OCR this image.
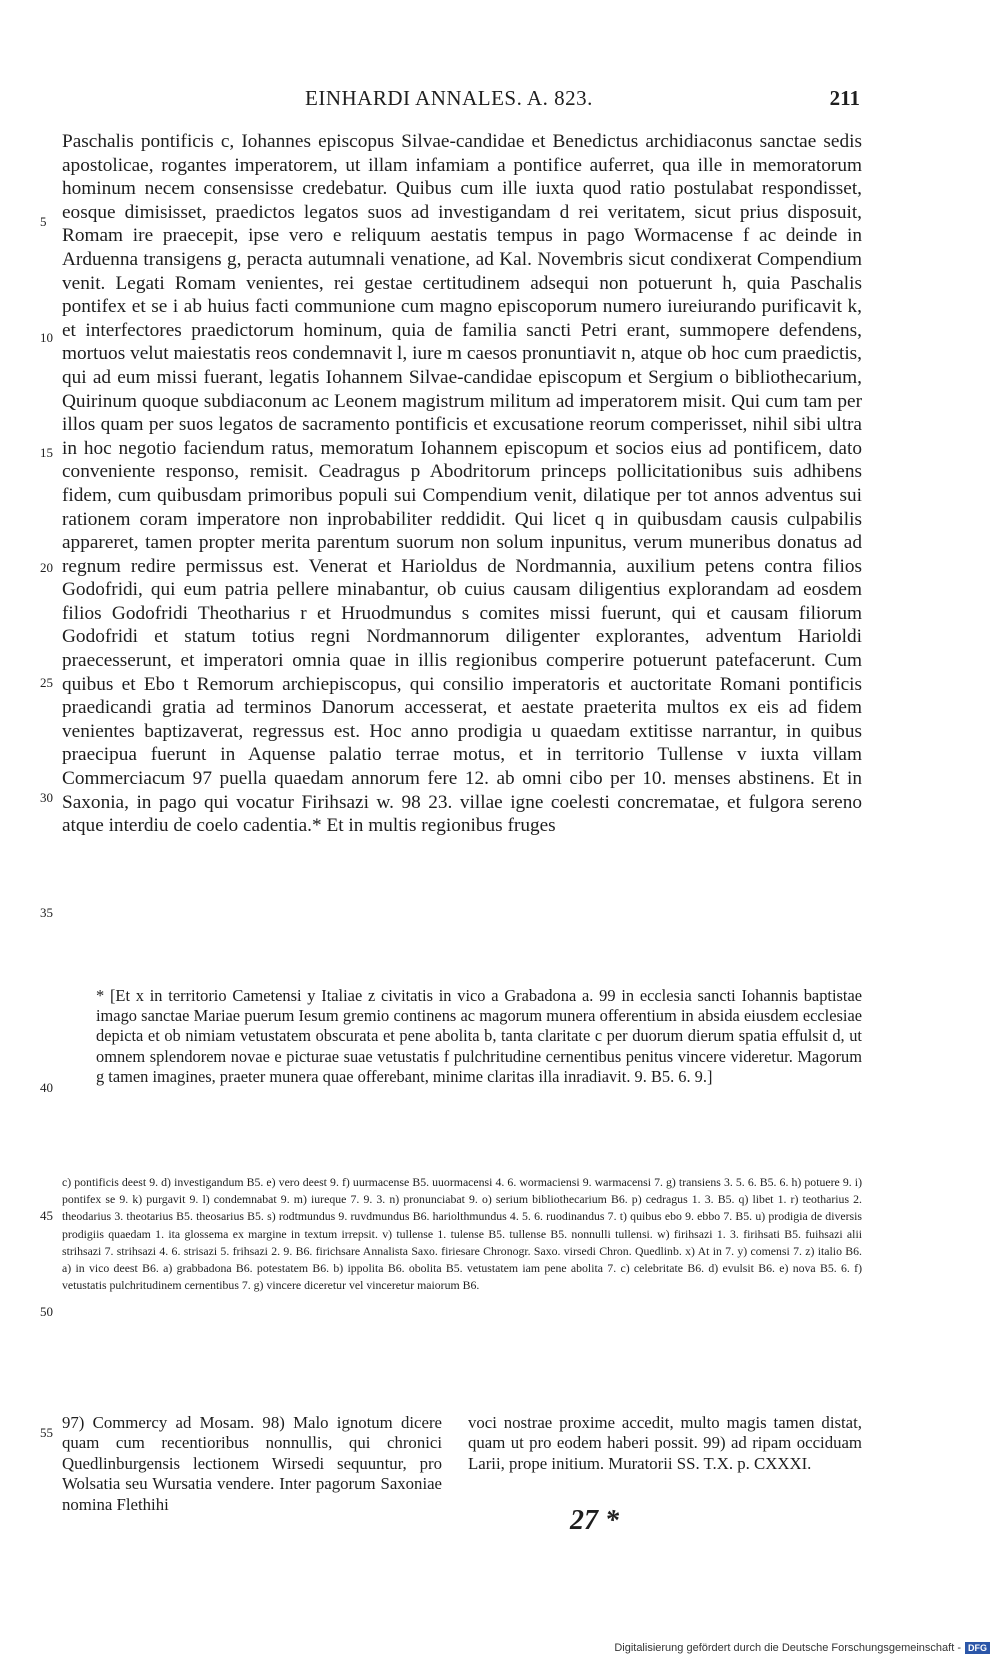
EINHARDI ANNALES. A. 823.	211
5
10
15
20
25
30
35
40
45
50
55

Paschalis pontificis c, Iohannes episcopus Silvae-candidae et Benedictus archidiaconus sanctae sedis apostolicae, rogantes imperatorem, ut illam infamiam a pontifice auferret, qua ille in memoratorum hominum necem consensisse credebatur. Quibus cum ille iuxta quod ratio postulabat respondisset, eosque dimisisset, praedictos legatos suos ad investigandam d rei veritatem, sicut prius disposuit, Romam ire praecepit, ipse vero e reliquum aestatis tempus in pago Wormacense f ac deinde in Arduenna transigens g, peracta autumnali venatione, ad Kal. Novembris sicut condixerat Compendium venit. Legati Romam venientes, rei gestae certitudinem adsequi non potuerunt h, quia Paschalis pontifex et se i ab huius facti communione cum magno episcoporum numero iureiurando purificavit k, et interfectores praedictorum hominum, quia de familia sancti Petri erant, summopere defendens, mortuos velut maiestatis reos condemnavit l, iure m caesos pronuntiavit n, atque ob hoc cum praedictis, qui ad eum missi fuerant, legatis Iohannem Silvae-candidae episcopum et Sergium o bibliothecarium, Quirinum quoque subdiaconum ac Leonem magistrum militum ad imperatorem misit. Qui cum tam per illos quam per suos legatos de sacramento pontificis et excusatione reorum comperisset, nihil sibi ultra in hoc negotio faciendum ratus, memoratum Iohannem episcopum et socios eius ad pontificem, dato conveniente responso, remisit. Ceadragus p Abodritorum princeps pollicitationibus suis adhibens fidem, cum quibusdam primoribus populi sui Compendium venit, dilatique per tot annos adventus sui rationem coram imperatore non inprobabiliter reddidit. Qui licet q in quibusdam causis culpabilis appareret, tamen propter merita parentum suorum non solum inpunitus, verum muneribus donatus ad regnum redire permissus est. Venerat et Harioldus de Nordmannia, auxilium petens contra filios Godofridi, qui eum patria pellere minabantur, ob cuius causam diligentius explorandam ad eosdem filios Godofridi Theotharius r et Hruodmundus s comites missi fuerunt, qui et causam filiorum Godofridi et statum totius regni Nordmannorum diligenter explorantes, adventum Harioldi praecesserunt, et imperatori omnia quae in illis regionibus comperire potuerunt patefacerunt. Cum quibus et Ebo t Remorum archiepiscopus, qui consilio imperatoris et auctoritate Romani pontificis praedicandi gratia ad terminos Danorum accesserat, et aestate praeterita multos ex eis ad fidem venientes baptizaverat, regressus est. Hoc anno prodigia u quaedam extitisse narrantur, in quibus praecipua fuerunt in Aquense palatio terrae motus, et in territorio Tullense v iuxta villam Commerciacum 97 puella quaedam annorum fere 12. ab omni cibo per 10. menses abstinens. Et in Saxonia, in pago qui vocatur Firihsazi w. 98 23. villae igne coelesti concrematae, et fulgora sereno atque interdiu de coelo cadentia.* Et in multis regionibus fruges

* [Et x in territorio Cametensi y Italiae z civitatis in vico a Grabadona a. 99 in ecclesia sancti Iohannis baptistae imago sanctae Mariae puerum Iesum gremio continens ac magorum munera offerentium in absida eiusdem ecclesiae depicta et ob nimiam vetustatem obscurata et pene abolita b, tanta claritate c per duorum dierum spatia effulsit d, ut omnem splendorem novae e picturae suae vetustatis f pulchritudine cernentibus penitus vincere videretur. Magorum g tamen imagines, praeter munera quae offerebant, minime claritas illa inradiavit. 9. B5. 6. 9.]

c) pontificis deest 9. d) investigandum B5. e) vero deest 9. f) uurmacense B5. uuormacensi 4. 6. wormaciensi 9. warmacensi 7. g) transiens 3. 5. 6. B5. 6. h) potuere 9. i) pontifex se 9. k) purgavit 9. l) condemnabat 9. m) iureque 7. 9. 3. n) pronunciabat 9. o) serium bibliothecarium B6. p) cedragus 1. 3. B5. q) libet 1. r) teotharius 2. theodarius 3. theotarius B5. theosarius B5. s) rodtmundus 9. ruvdmundus B6. hariolthmundus 4. 5. 6. ruodinandus 7. t) quibus ebo 9. ebbo 7. B5. u) prodigia de diversis prodigiis quaedam 1. ita glossema ex margine in textum irrepsit. v) tullense 1. tulense B5. tullense B5. nonnulli tullensi. w) firihsazi 1. 3. firihsati B5. fuihsazi alii strihsazi 7. strihsazi 4. 6. strisazi 5. frihsazi 2. 9. B6. firichsare Annalista Saxo. firiesare Chronogr. Saxo. virsedi Chron. Quedlinb. x) At in 7. y) comensi 7. z) italio B6. a) in vico deest B6. a) grabbadona B6. potestatem B6. b) ippolita B6. obolita B5. vetustatem iam pene abolita 7. c) celebritate B6. d) evulsit B6. e) nova B5. 6. f) vetustatis pulchritudinem cernentibus 7. g) vincere diceretur vel vinceretur maiorum B6.

97) Commercy ad Mosam. 98) Malo ignotum dicere quam cum recentioribus nonnullis, qui chronici Quedlinburgensis lectionem Wirsedi sequuntur, pro Wolsatia seu Wursatia vendere. Inter pagorum Saxoniae nomina Flethihi

voci nostrae proxime accedit, multo magis tamen distat, quam ut pro eodem haberi possit. 99) ad ripam occiduam Larii, prope initium. Muratorii SS. T.X. p. CXXXI.

27 *
Digitalisierung gefördert durch die Deutsche Forschungsgemeinschaft - DFG
